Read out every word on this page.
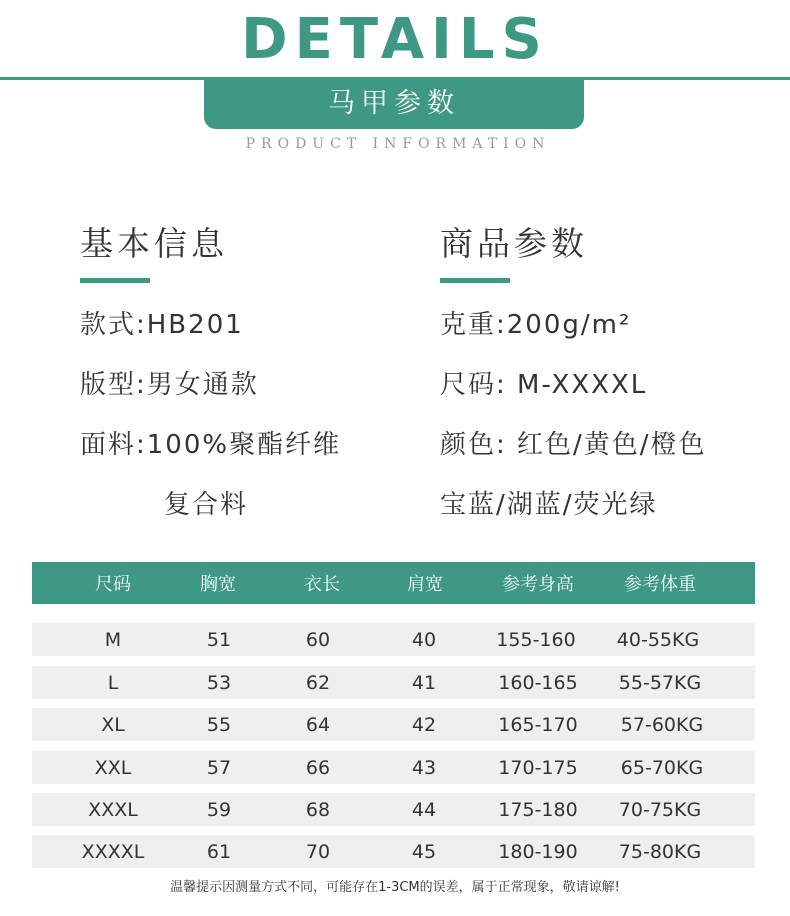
DETAILS
马甲参数
PRODUCT INFORMATION
基本信息
款式:HB201
版型:男女通款
面料:100%聚酯纤维
复合料
商品参数
克重:200g/m²
尺码: M-XXXXL
颜色: 红色/黄色/橙色
宝蓝/湖蓝/荧光绿
尺码	胸宽	衣长	肩宽	参考身高	参考体重
M	51	60	40	155-160 40-55KG
L	53	62	41	160-165 55-57KG
XL	55	64	42	165-170 57-60KG
XXL	57	66	43	170-175 65-70KG
XXXL	59	68	44	175-180 70-75KG
XXXXL	61	70	45	180-190 75-80KG
温馨提示因测量方式不同，可能存在1-3CM的误差，属于正常现象，敬请谅解!
